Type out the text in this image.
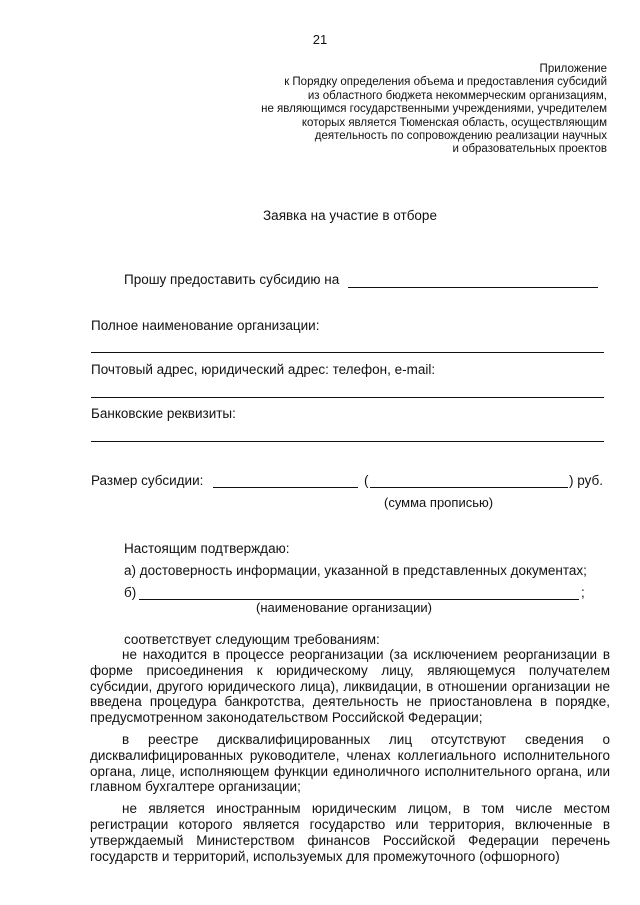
21
Приложение
к Порядку определения объема и предоставления субсидий
из областного бюджета некоммерческим организациям,
не являющимся государственными учреждениями, учредителем
которых является Тюменская область, осуществляющим
деятельность по сопровождению реализации научных
и образовательных проектов
Заявка на участие в отборе
Прошу предоставить субсидию на
Полное наименование организации:
Почтовый адрес, юридический адрес: телефон, e-mail:
Банковские реквизиты:
Размер субсидии:	(	) руб.
(сумма прописью)
Настоящим подтверждаю:
а) достоверность информации, указанной в представленных документах;
б)	;
(наименование организации)
соответствует следующим требованиям:

не находится в процессе реорганизации (за исключением реорганизации в форме присоединения к юридическому лицу, являющемуся получателем субсидии, другого юридического лица), ликвидации, в отношении организации не введена процедура банкротства, деятельность не приостановлена в порядке, предусмотренном законодательством Российской Федерации;

в реестре дисквалифицированных лиц отсутствуют сведения о дисквалифицированных руководителе, членах коллегиального исполнительного органа, лице, исполняющем функции единоличного исполнительного органа, или главном бухгалтере организации;

не является иностранным юридическим лицом, в том числе местом регистрации которого является государство или территория, включенные в утверждаемый Министерством финансов Российской Федерации перечень государств и территорий, используемых для промежуточного (офшорного)
